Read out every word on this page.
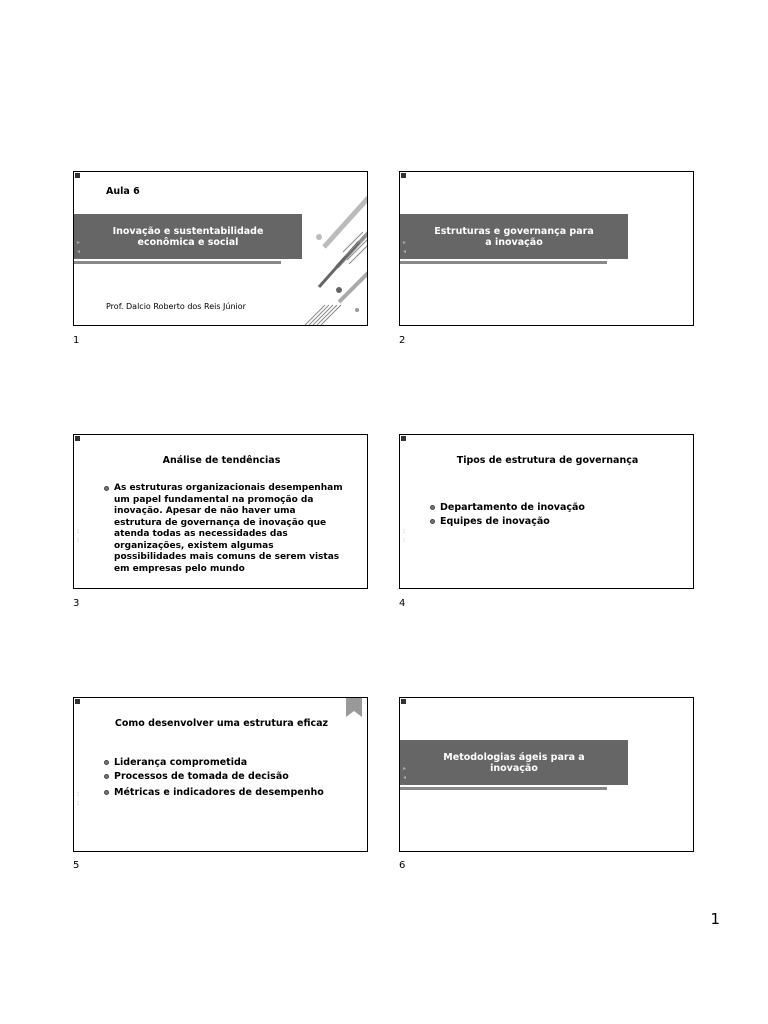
Aula 6
Inovação e sustentabilidade
econômica e social
▸
◂
⁝
Prof. Dalcio Roberto dos Reis Júnior
1
Estruturas e governança para
a inovação
▸
◂
⁝
2
Análise de tendências
As estruturas organizacionais desempenham um papel fundamental na promoção da inovação. Apesar de não haver uma estrutura de governança de inovação que atenda todas as necessidades das organizações, existem algumas possibilidades mais comuns de serem vistas em empresas pelo mundo
⁝
⁝
3
Tipos de estrutura de governança
Departamento de inovação
Equipes de inovação
⁝
⁝
4
Como desenvolver uma estrutura eficaz
Liderança comprometida
Processos de tomada de decisão
Métricas e indicadores de desempenho
⁝
⁝
5
Metodologias ágeis para a
inovação
▸
◂
⁝
6
1
